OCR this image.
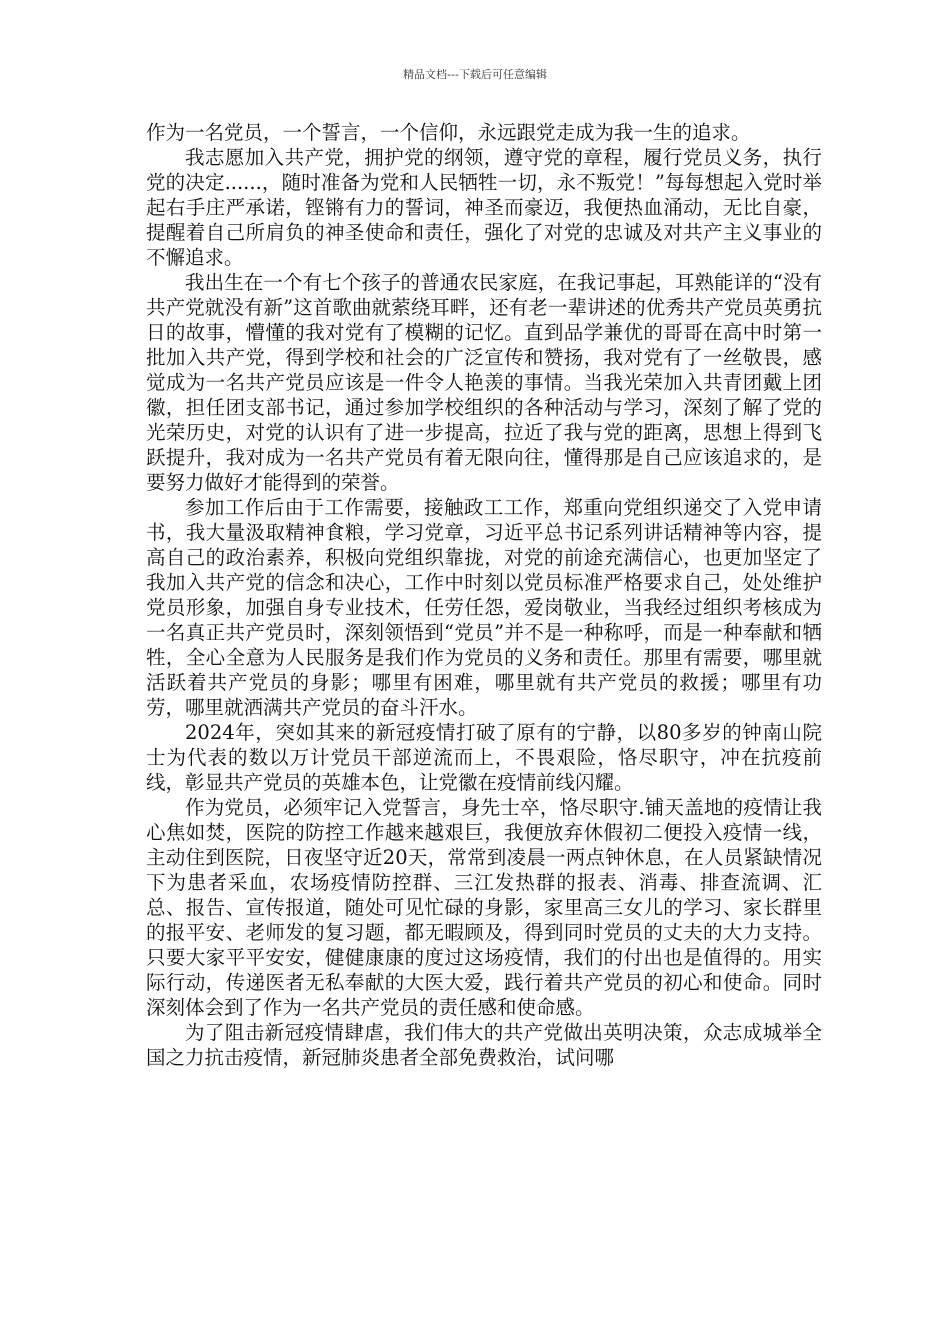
精品文档---下载后可任意编辑

作为一名党员，一个誓言，一个信仰，永远跟党走成为我一生的追求。

我志愿加入共产党，拥护党的纲领，遵守党的章程，履行党员义务，执行党的决定......，随时准备为党和人民牺牲一切，永不叛党！”每每想起入党时举起右手庄严承诺，铿锵有力的誓词，神圣而豪迈，我便热血涌动，无比自豪，提醒着自己所肩负的神圣使命和责任，强化了对党的忠诚及对共产主义事业的不懈追求。

我出生在一个有七个孩子的普通农民家庭，在我记事起，耳熟能详的“没有共产党就没有新”这首歌曲就萦绕耳畔，还有老一辈讲述的优秀共产党员英勇抗日的故事，懵懂的我对党有了模糊的记忆。直到品学兼优的哥哥在高中时第一批加入共产党，得到学校和社会的广泛宣传和赞扬，我对党有了一丝敬畏，感觉成为一名共产党员应该是一件令人艳羡的事情。当我光荣加入共青团戴上团徽，担任团支部书记，通过参加学校组织的各种活动与学习，深刻了解了党的光荣历史，对党的认识有了进一步提高，拉近了我与党的距离，思想上得到飞跃提升，我对成为一名共产党员有着无限向往，懂得那是自己应该追求的，是要努力做好才能得到的荣誉。

参加工作后由于工作需要，接触政工工作，郑重向党组织递交了入党申请书，我大量汲取精神食粮，学习党章，习近平总书记系列讲话精神等内容，提高自己的政治素养，积极向党组织靠拢，对党的前途充满信心，也更加坚定了我加入共产党的信念和决心，工作中时刻以党员标准严格要求自己，处处维护党员形象，加强自身专业技术，任劳任怨，爱岗敬业，当我经过组织考核成为一名真正共产党员时，深刻领悟到“党员”并不是一种称呼，而是一种奉献和牺牲，全心全意为人民服务是我们作为党员的义务和责任。那里有需要，哪里就活跃着共产党员的身影；哪里有困难，哪里就有共产党员的救援；哪里有功劳，哪里就洒满共产党员的奋斗汗水。

2024年，突如其来的新冠疫情打破了原有的宁静，以80多岁的钟南山院士为代表的数以万计党员干部逆流而上，不畏艰险，恪尽职守，冲在抗疫前线，彰显共产党员的英雄本色，让党徽在疫情前线闪耀。

作为党员，必须牢记入党誓言，身先士卒，恪尽职守.铺天盖地的疫情让我心焦如焚，医院的防控工作越来越艰巨，我便放弃休假初二便投入疫情一线，主动住到医院，日夜坚守近20天，常常到凌晨一两点钟休息，在人员紧缺情况下为患者采血，农场疫情防控群、三江发热群的报表、消毒、排查流调、汇总、报告、宣传报道，随处可见忙碌的身影，家里高三女儿的学习、家长群里的报平安、老师发的复习题，都无暇顾及，得到同时党员的丈夫的大力支持。只要大家平平安安，健健康康的度过这场疫情，我们的付出也是值得的。用实际行动，传递医者无私奉献的大医大爱，践行着共产党员的初心和使命。同时深刻体会到了作为一名共产党员的责任感和使命感。

为了阻击新冠疫情肆虐，我们伟大的共产党做出英明决策，众志成城举全国之力抗击疫情，新冠肺炎患者全部免费救治，试问哪
